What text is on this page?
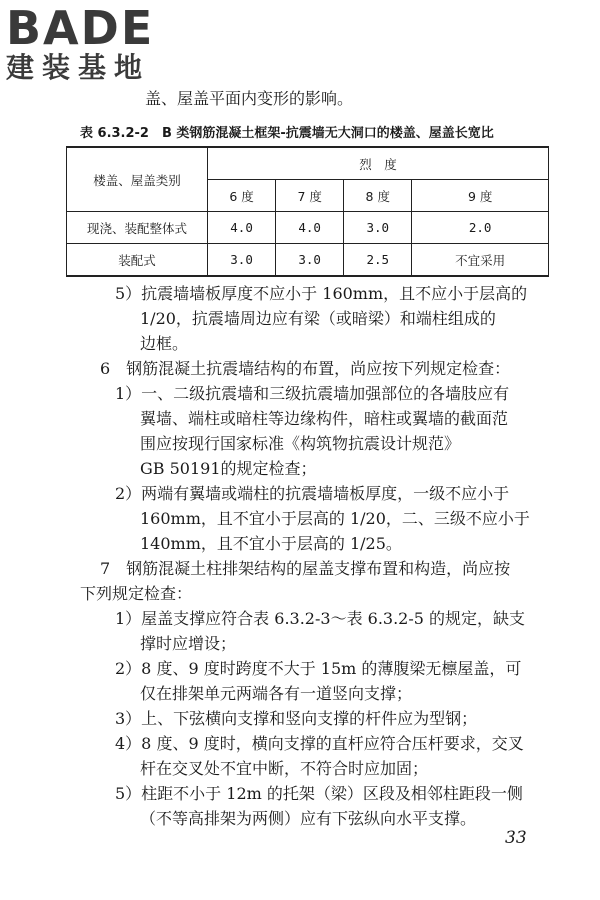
BADE
建装基地
盖、屋盖平面内变形的影响。
表 6.3.2-2　B 类钢筋混凝土框架-抗震墙无大洞口的楼盖、屋盖长宽比
楼盖、屋盖类别	烈　度			
	6 度	7 度	8 度	9 度
现浇、装配整体式	4.0	4.0	3.0	2.0
装配式	3.0	3.0	2.5	不宜采用
5）抗震墙墙板厚度不应小于 160mm，且不应小于层高的
1/20，抗震墙周边应有梁（或暗梁）和端柱组成的
边框。
6　钢筋混凝土抗震墙结构的布置，尚应按下列规定检查：
1）一、二级抗震墙和三级抗震墙加强部位的各墙肢应有
翼墙、端柱或暗柱等边缘构件，暗柱或翼墙的截面范
围应按现行国家标准《构筑物抗震设计规范》
GB 50191的规定检查；
2）两端有翼墙或端柱的抗震墙墙板厚度，一级不应小于
160mm，且不宜小于层高的 1/20，二、三级不应小于
140mm，且不宜小于层高的 1/25。
7　钢筋混凝土柱排架结构的屋盖支撑布置和构造，尚应按
下列规定检查：
1）屋盖支撑应符合表 6.3.2-3～表 6.3.2-5 的规定，缺支
撑时应增设；
2）8 度、9 度时跨度不大于 15m 的薄腹梁无檩屋盖，可
仅在排架单元两端各有一道竖向支撑；
3）上、下弦横向支撑和竖向支撑的杆件应为型钢；
4）8 度、9 度时，横向支撑的直杆应符合压杆要求，交叉
杆在交叉处不宜中断，不符合时应加固；
5）柱距不小于 12m 的托架（梁）区段及相邻柱距段一侧
（不等高排架为两侧）应有下弦纵向水平支撑。
33
